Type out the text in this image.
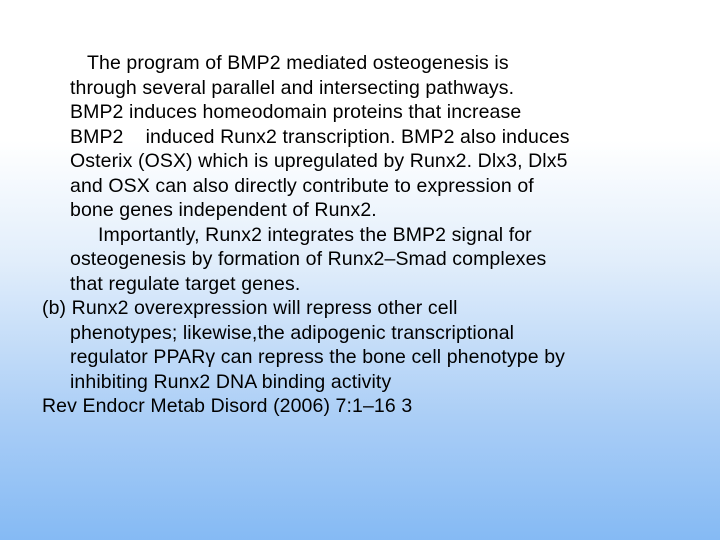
The program of BMP2 mediated osteogenesis is
through several parallel and intersecting pathways.
BMP2 induces homeodomain proteins that increase
BMP2    induced Runx2 transcription. BMP2 also induces
Osterix (OSX) which is upregulated by Runx2. Dlx3, Dlx5
and OSX can also directly contribute to expression of
bone genes independent of Runx2.
Importantly, Runx2 integrates the BMP2 signal for
osteogenesis by formation of Runx2–Smad complexes
that regulate target genes.
(b) Runx2 overexpression will repress other cell
phenotypes; likewise,the adipogenic transcriptional
regulator PPARγ can repress the bone cell phenotype by
inhibiting Runx2 DNA binding activity
Rev Endocr Metab Disord (2006) 7:1–16 3
